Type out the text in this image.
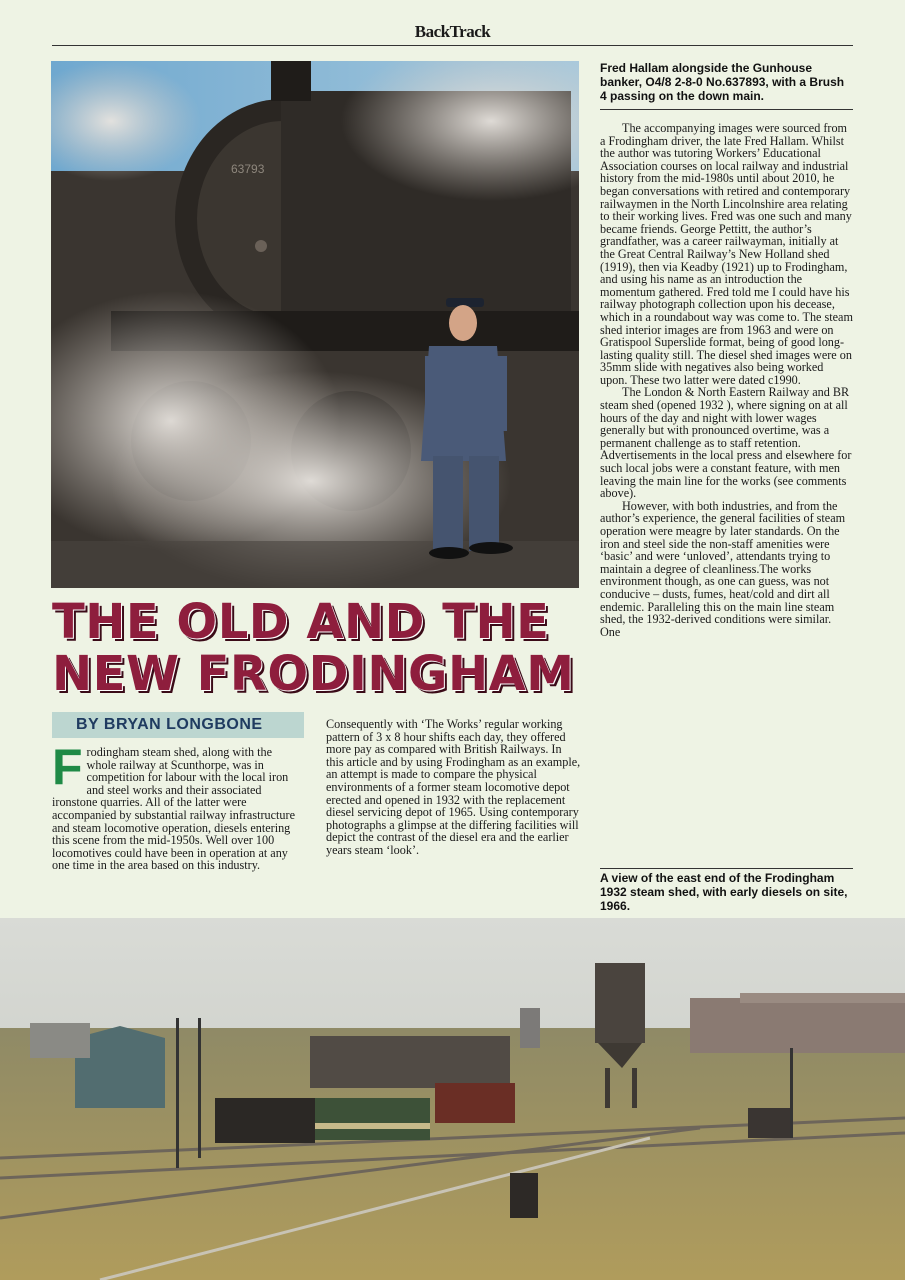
BackTrack
63793
Fred Hallam alongside the Gunhouse banker, O4/8 2-8-0 No.637893, with a Brush 4 passing on the down main.
THE OLD AND THE
NEW FRODINGHAM
BY BRYAN LONGBONE
F rodingham steam shed, along with the whole railway at Scunthorpe, was in competition for labour with the local iron and steel works and their associated ironstone quarries. All of the latter were accompanied by substantial railway infrastructure and steam locomotive operation, diesels entering this scene from the mid-1950s. Well over 100 locomotives could have been in operation at any one time in the area based on this industry.

Consequently with ‘The Works’ regular working pattern of 3 x 8 hour shifts each day, they offered more pay as compared with British Railways. In this article and by using Frodingham as an example, an attempt is made to compare the physical environments of a former steam locomotive depot erected and opened in 1932 with the replacement diesel servicing depot of 1965. Using contemporary photographs a glimpse at the differing facilities will depict the contrast of the diesel era and the earlier years steam ‘look’.

The accompanying images were sourced from a Frodingham driver, the late Fred Hallam. Whilst the author was tutoring Workers’ Educational Association courses on local railway and industrial history from the mid-1980s until about 2010, he began conversations with retired and contemporary railwaymen in the North Lincolnshire area relating to their working lives. Fred was one such and many became friends. George Pettitt, the author’s grandfather, was a career railwayman, initially at the Great Central Railway’s New Holland shed (1919), then via Keadby (1921) up to Frodingham, and using his name as an introduction the momentum gathered. Fred told me I could have his railway photograph collection upon his decease, which in a roundabout way was come to. The steam shed interior images are from 1963 and were on Gratispool Superslide format, being of good long-lasting quality still. The diesel shed images were on 35mm slide with negatives also being worked upon. These two latter were dated c1990.

The London & North Eastern Railway and BR steam shed (opened 1932 ), where signing on at all hours of the day and night with lower wages generally but with pronounced overtime, was a permanent challenge as to staff retention. Advertisements in the local press and elsewhere for such local jobs were a constant feature, with men leaving the main line for the works (see comments above).

However, with both industries, and from the author’s experience, the general facilities of steam operation were meagre by later standards. On the iron and steel side the non-staff amenities were ‘basic’ and were ‘unloved’, attendants trying to maintain a degree of cleanliness.The works environment though, as one can guess, was not conducive – dusts, fumes, heat/cold and dirt all endemic. Paralleling this on the main line steam shed, the 1932-derived conditions were similar. One

A view of the east end of the Frodingham 1932 steam shed, with early diesels on site, 1966.
